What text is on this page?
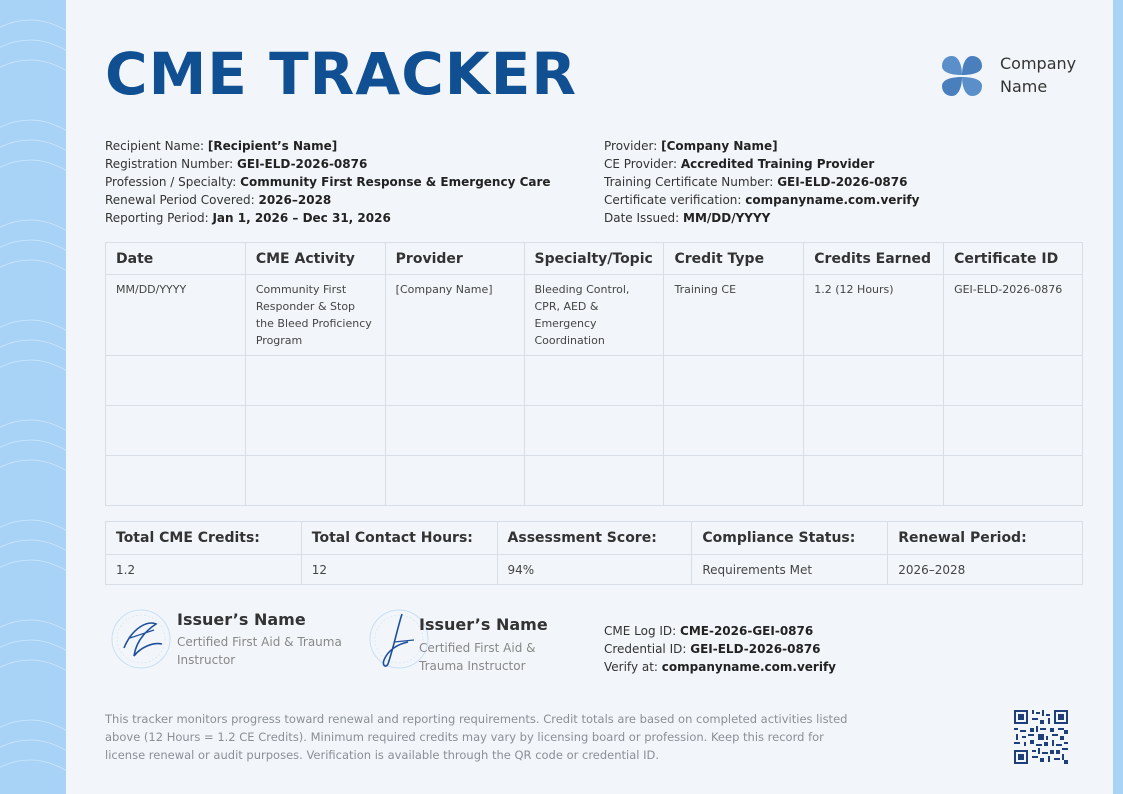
CME TRACKER	Company
Name
Recipient Name: [Recipient’s Name]
Registration Number: GEI-ELD-2026-0876
Profession / Specialty: Community First Response & Emergency Care
Renewal Period Covered: 2026–2028
Reporting Period: Jan 1, 2026 – Dec 31, 2026
Provider: [Company Name]
CE Provider: Accredited Training Provider
Training Certificate Number: GEI-ELD-2026-0876
Certificate verification: companyname.com.verify
Date Issued: MM/DD/YYYY
Date	CME Activity	Provider	Specialty/Topic	Credit Type	Credits Earned	Certificate ID
MM/DD/YYYY	Community First Responder & Stop the Bleed Proficiency Program	[Company Name]	Bleeding Control, CPR, AED & Emergency Coordination	Training CE	1.2 (12 Hours)	GEI-ELD-2026-0876

Total CME Credits:	Total Contact Hours:	Assessment Score:	Compliance Status:	Renewal Period:
1.2	12	94%	Requirements Met	2026–2028
Issuer’s Name
Certified First Aid & Trauma Instructor
Issuer’s Name
Certified First Aid & Trauma Instructor
CME Log ID: CME-2026-GEI-0876
Credential ID: GEI-ELD-2026-0876
Verify at: companyname.com.verify
This tracker monitors progress toward renewal and reporting requirements. Credit totals are based on completed activities listed above (12 Hours = 1.2 CE Credits). Minimum required credits may vary by licensing board or profession. Keep this record for license renewal or audit purposes. Verification is available through the QR code or credential ID.
